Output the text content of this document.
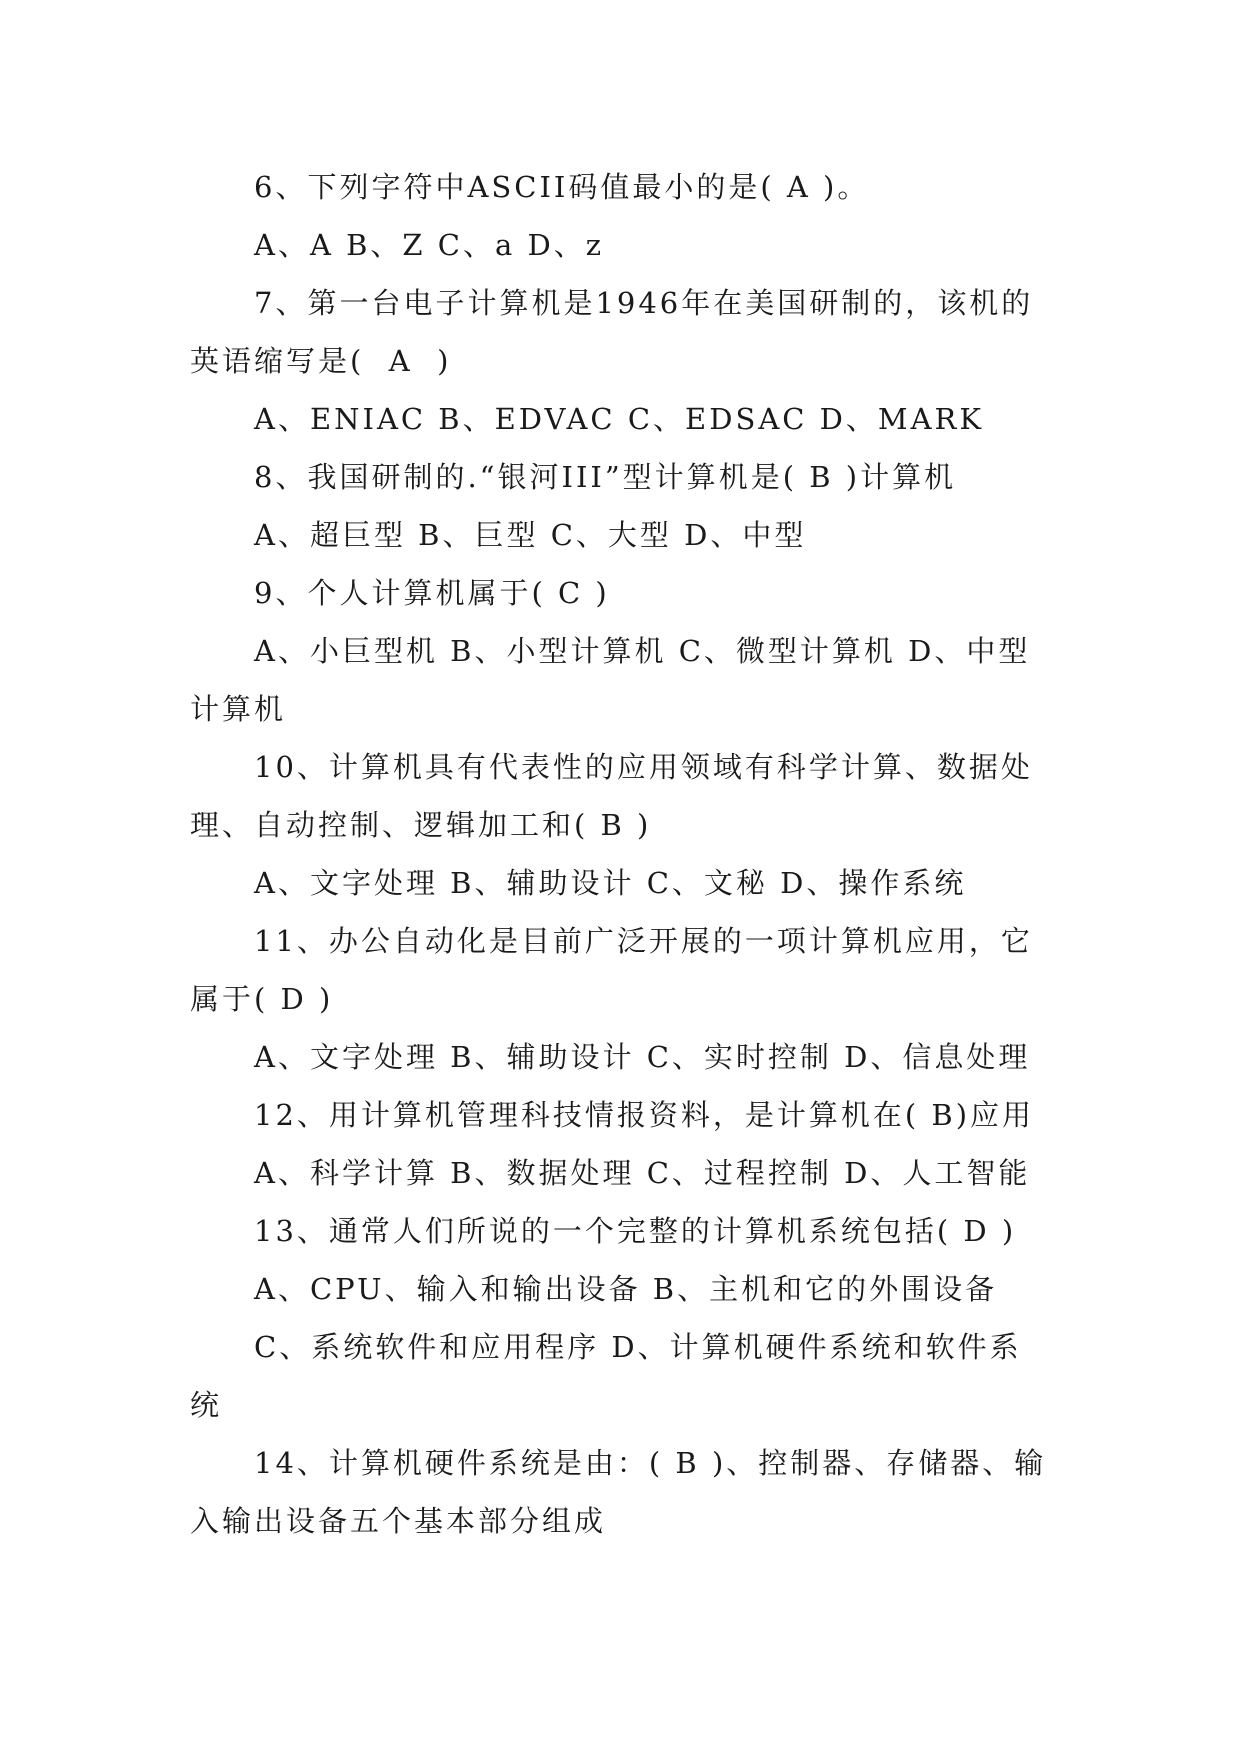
6、下列字符中ASCII码值最小的是( A )。

A、A B、Z C、a D、z

7、第一台电子计算机是1946年在美国研制的，该机的英语缩写是(  A  )

A、ENIAC B、EDVAC C、EDSAC D、MARK

8、我国研制的.“银河III”型计算机是( B )计算机

A、超巨型 B、巨型 C、大型 D、中型

9、个人计算机属于( C )

A、小巨型机 B、小型计算机 C、微型计算机 D、中型计算机

10、计算机具有代表性的应用领域有科学计算、数据处理、自动控制、逻辑加工和( B )

A、文字处理 B、辅助设计 C、文秘 D、操作系统

11、办公自动化是目前广泛开展的一项计算机应用，它属于( D )

A、文字处理 B、辅助设计 C、实时控制 D、信息处理

12、用计算机管理科技情报资料，是计算机在( B)应用

A、科学计算 B、数据处理 C、过程控制 D、人工智能

13、通常人们所说的一个完整的计算机系统包括( D )

A、CPU、输入和输出设备 B、主机和它的外围设备

C、系统软件和应用程序 D、计算机硬件系统和软件系统

14、计算机硬件系统是由：( B )、控制器、存储器、输入输出设备五个基本部分组成
